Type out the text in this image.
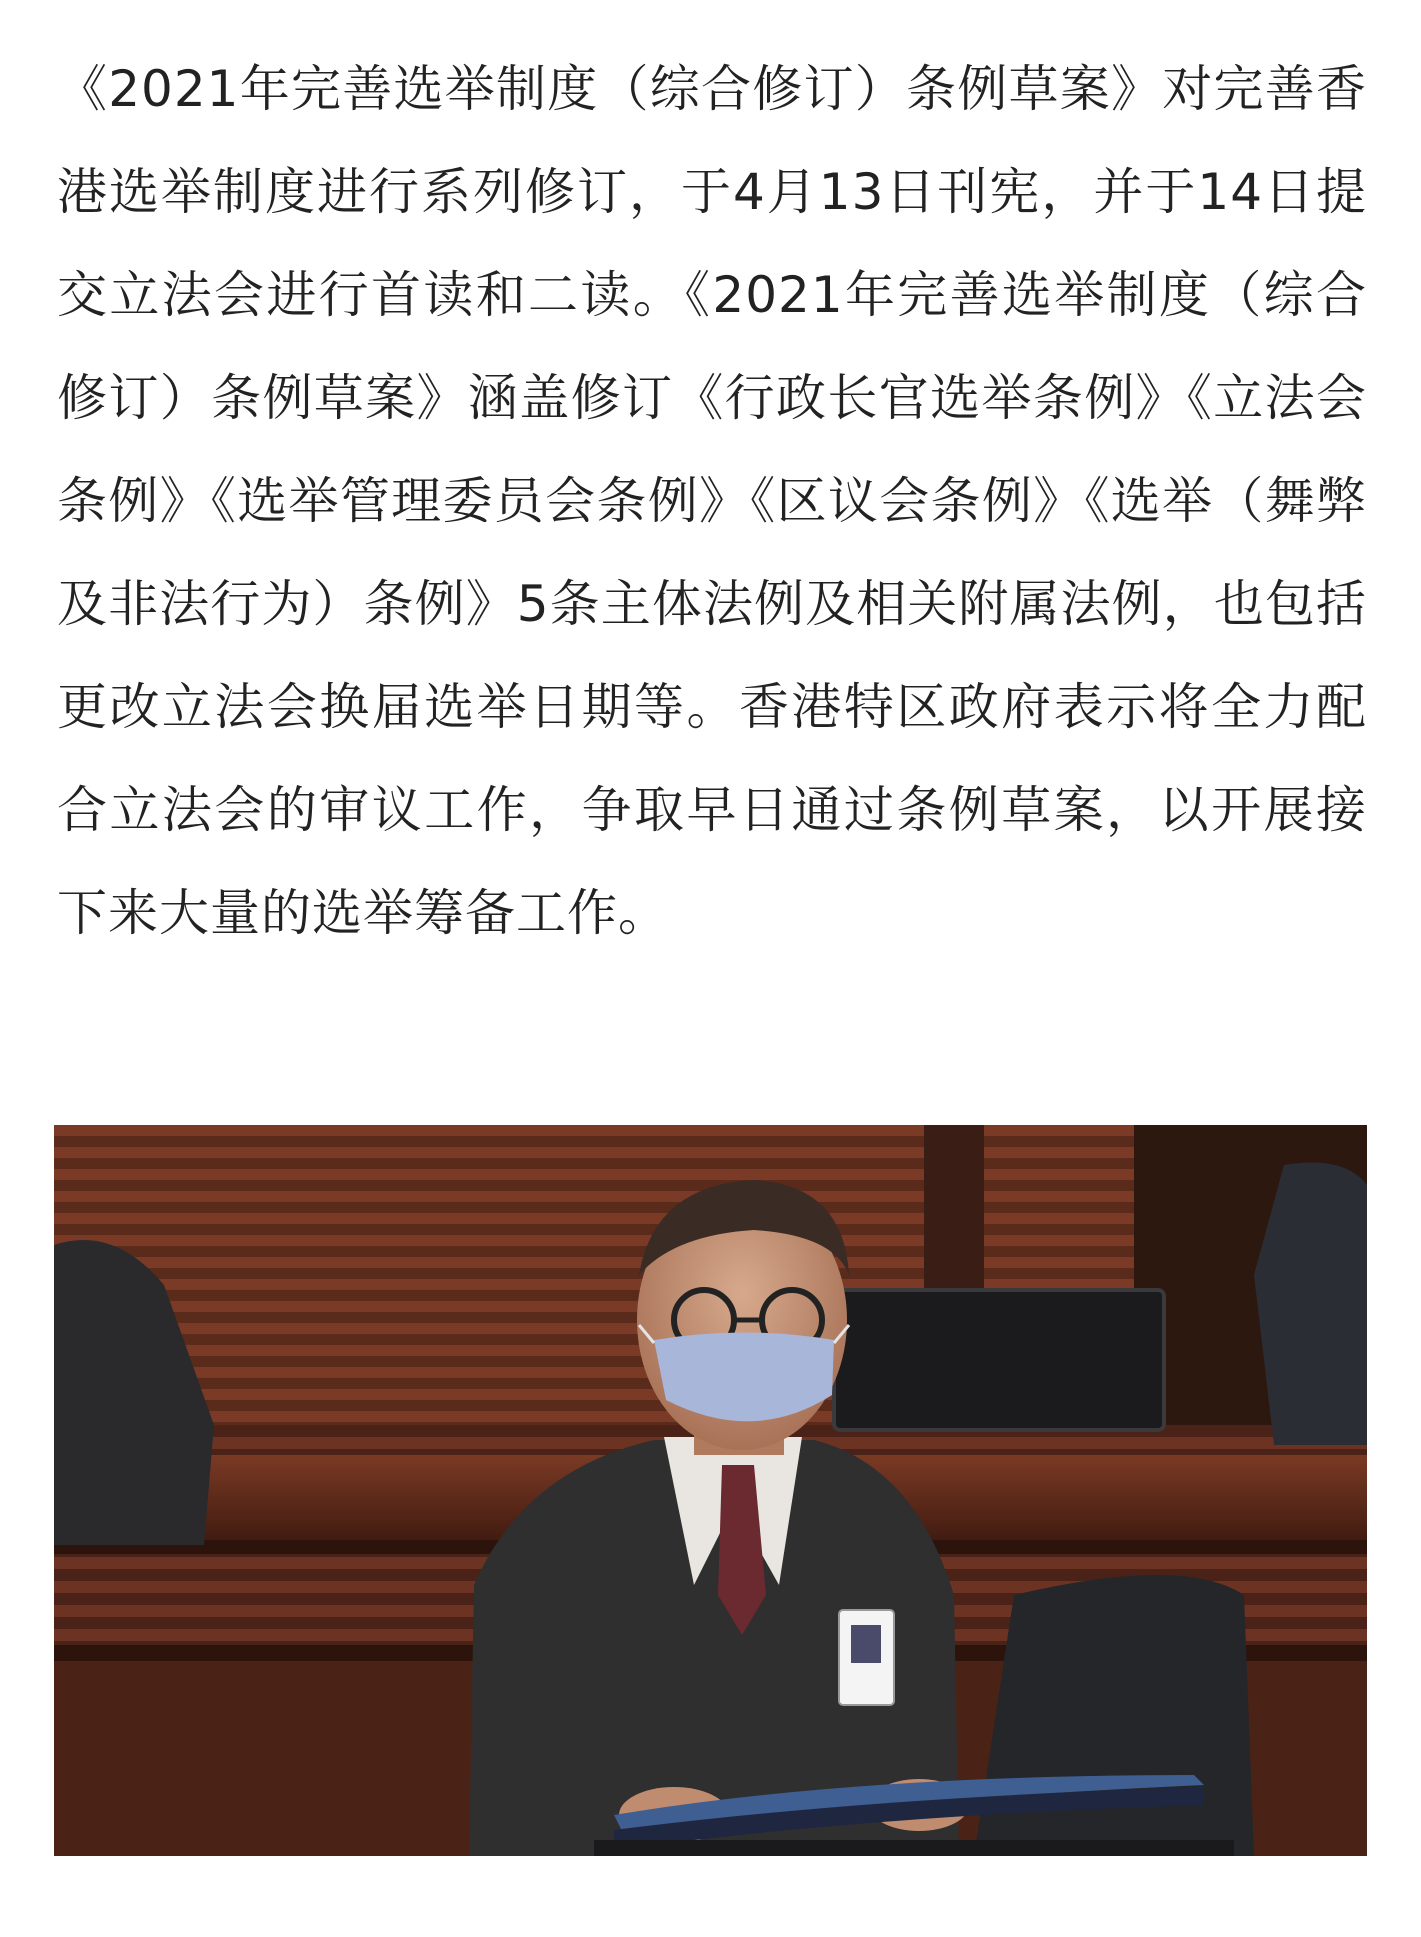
《2021年完善选举制度（综合修订）条例草案》对完善香港选举制度进行系列修订，于4月13日刊宪，并于14日提交立法会进行首读和二读。《2021年完善选举制度（综合修订）条例草案》涵盖修订《行政长官选举条例》《立法会条例》《选举管理委员会条例》《区议会条例》《选举（舞弊及非法行为）条例》5条主体法例及相关附属法例，也包括更改立法会换届选举日期等。香港特区政府表示将全力配合立法会的审议工作，争取早日通过条例草案，以开展接下来大量的选举筹备工作。
